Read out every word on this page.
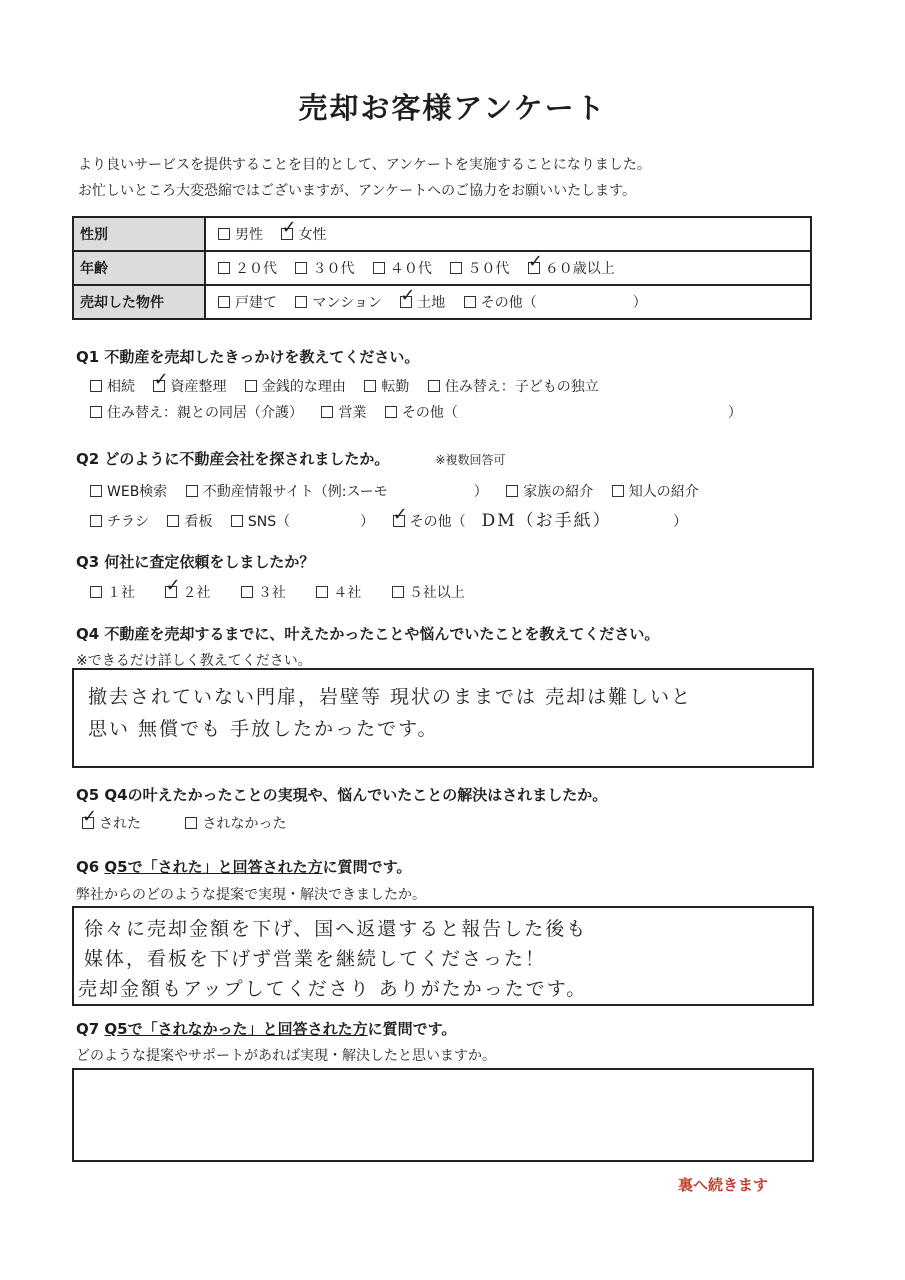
売却お客様アンケート
より良いサービスを提供することを目的として、アンケートを実施することになりました。
お忙しいところ大変恐縮ではございますが、アンケートへのご協力をお願いいたします。
性別	男性 ✓ 女性
年齢	２０代 ３０代 ４０代 ５０代 ✓ ６０歳以上
売却した物件	戸建て マンション ✓ 土地 その他（ ）
Q1 不動産を売却したきっかけを教えてください。
相続 ✓	資産整理	金銭的な理由	転勤	住み替え：子どもの独立
住み替え：親との同居（介護）	営業	その他（	）
Q2 どのように不動産会社を探されましたか。	※複数回答可
WEB検索	不動産情報サイト（例:スーモ	）	家族の紹介	知人の紹介
チラシ	看板	SNS（	） ✓	その他（ DM（お手紙）	）
Q3 何社に査定依頼をしましたか？
１社 ✓	２社	３社	４社	５社以上
Q4 不動産を売却するまでに、叶えたかったことや悩んでいたことを教えてください。
※できるだけ詳しく教えてください。
撤去されていない門扉，岩壁等 現状のままでは 売却は難しいと
思い 無償でも 手放したかったです。
Q5 Q4の叶えたかったことの実現や、悩んでいたことの解決はされましたか。
✓された	されなかった
Q6 Q5で「された」と回答された方に質問です。
弊社からのどのような提案で実現・解決できましたか。
徐々に売却金額を下げ、国へ返還すると報告した後も
媒体，看板を下げず営業を継続してくださった！
売却金額もアップしてくださり ありがたかったです。
Q7 Q5で「されなかった」と回答された方に質問です。
どのような提案やサポートがあれば実現・解決したと思いますか。
裏へ続きます
